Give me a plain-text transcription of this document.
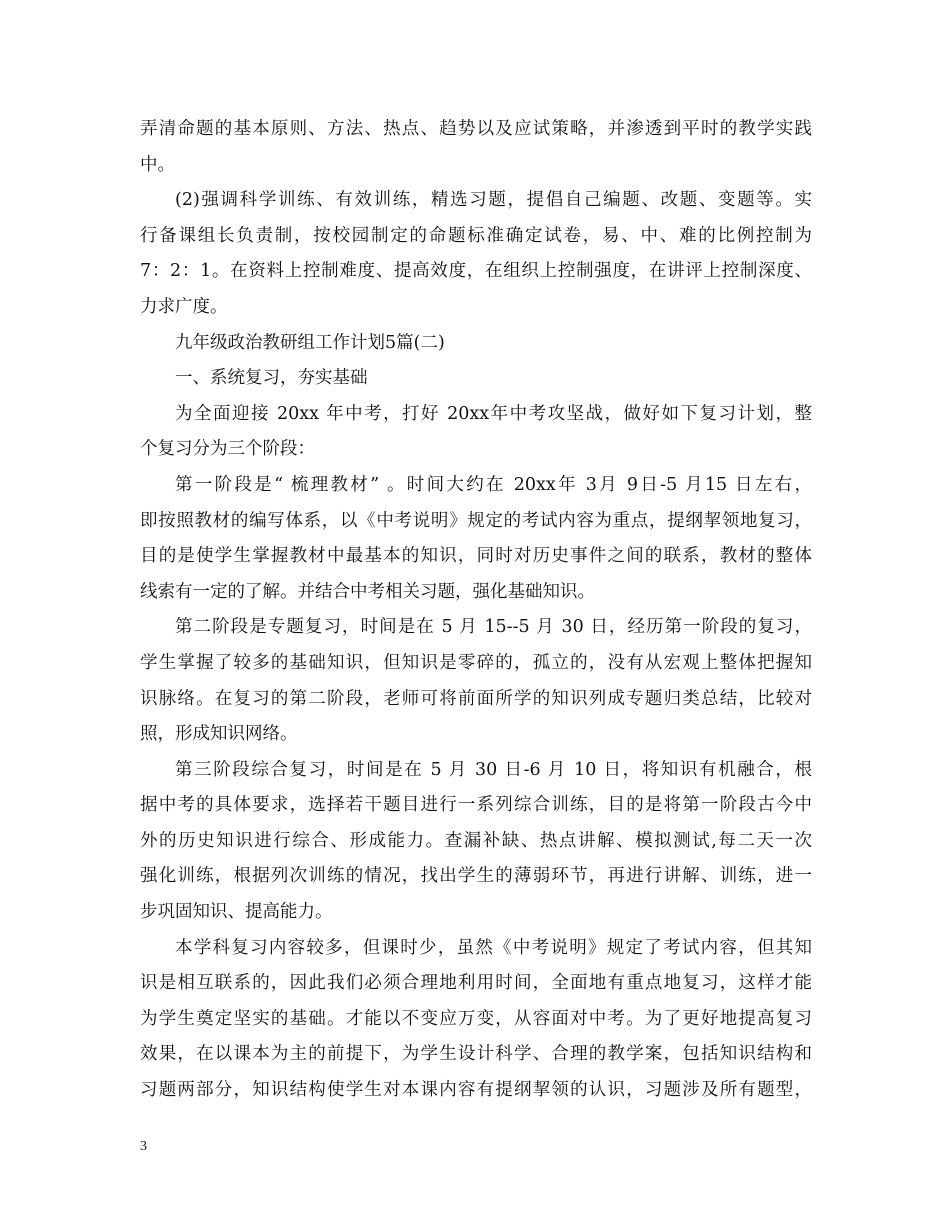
弄清命题的基本原则、方法、热点、趋势以及应试策略，并渗透到平时的教学实践
中。
(2)强调科学训练、有效训练，精选习题，提倡自己编题、改题、变题等。实
行备课组长负责制，按校园制定的命题标准确定试卷，易、中、难的比例控制为
7：2：1。在资料上控制难度、提高效度，在组织上控制强度，在讲评上控制深度、
力求广度。
九年级政治教研组工作计划5篇(二)
一、系统复习，夯实基础
为全面迎接 20xx 年中考，打好 20xx年中考攻坚战，做好如下复习计划，整
个复习分为三个阶段：
第一阶段是“ 梳理教材” 。时间大约在 20xx年 3月 9日-5 月15 日左右，
即按照教材的编写体系，以《中考说明》规定的考试内容为重点，提纲挈领地复习，
目的是使学生掌握教材中最基本的知识，同时对历史事件之间的联系，教材的整体
线索有一定的了解。并结合中考相关习题，强化基础知识。
第二阶段是专题复习，时间是在 5 月 15--5 月 30 日，经历第一阶段的复习，
学生掌握了较多的基础知识，但知识是零碎的，孤立的，没有从宏观上整体把握知
识脉络。在复习的第二阶段，老师可将前面所学的知识列成专题归类总结，比较对
照，形成知识网络。
第三阶段综合复习，时间是在 5 月 30 日-6 月 10 日，将知识有机融合，根
据中考的具体要求，选择若干题目进行一系列综合训练，目的是将第一阶段古今中
外的历史知识进行综合、形成能力。查漏补缺、热点讲解、模拟测试,每二天一次
强化训练，根据列次训练的情况，找出学生的薄弱环节，再进行讲解、训练，进一
步巩固知识、提高能力。
本学科复习内容较多，但课时少，虽然《中考说明》规定了考试内容，但其知
识是相互联系的，因此我们必须合理地利用时间，全面地有重点地复习，这样才能
为学生奠定坚实的基础。才能以不变应万变，从容面对中考。为了更好地提高复习
效果，在以课本为主的前提下，为学生设计科学、合理的教学案，包括知识结构和
习题两部分，知识结构使学生对本课内容有提纲挈领的认识，习题涉及所有题型，
3
